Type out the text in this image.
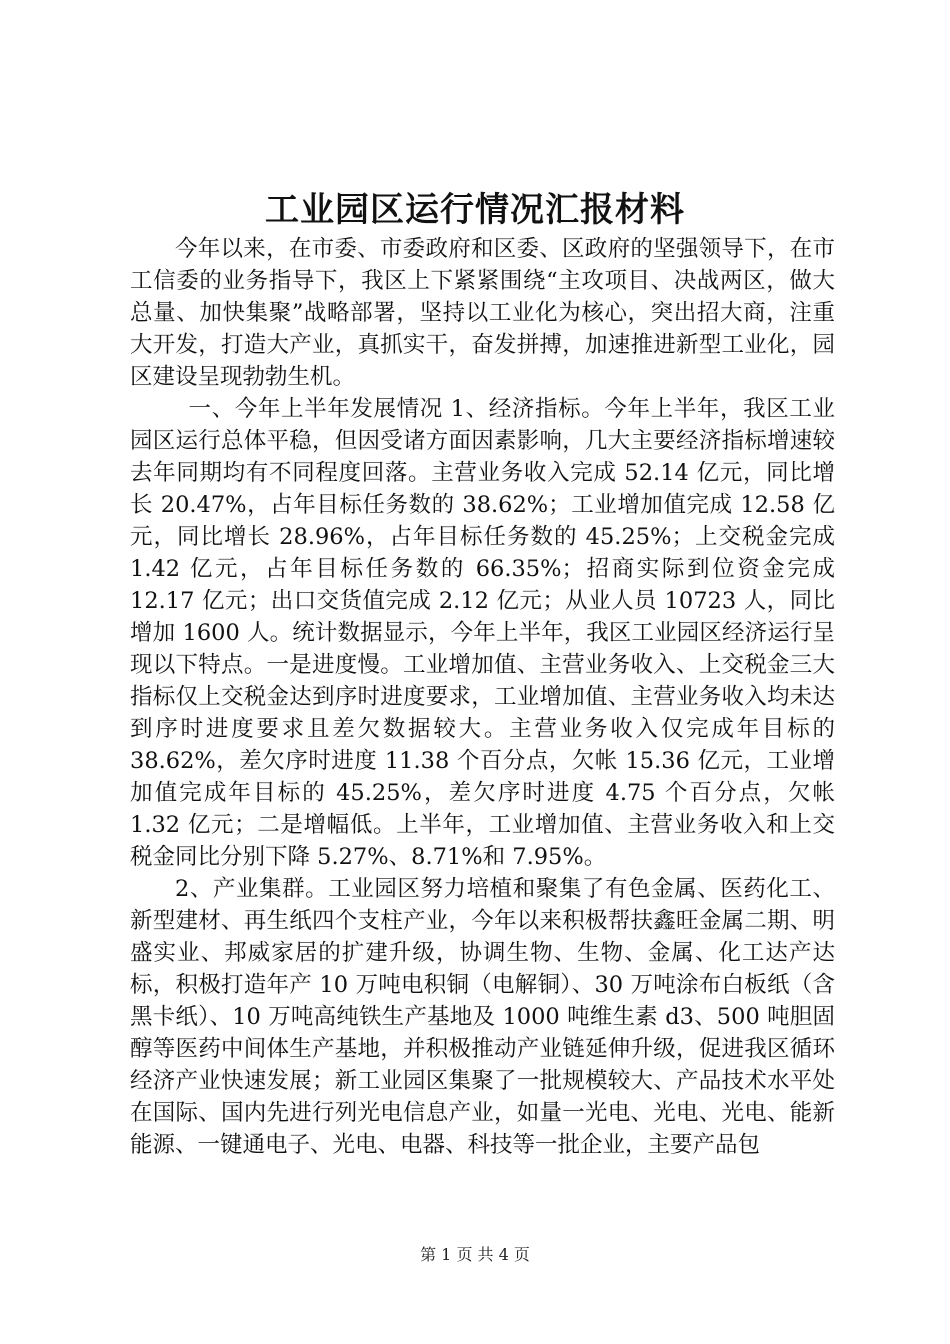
工业园区运行情况汇报材料

今年以来，在市委、市委政府和区委、区政府的坚强领导下，在市工信委的业务指导下，我区上下紧紧围绕“主攻项目、决战两区，做大总量、加快集聚”战略部署，坚持以工业化为核心，突出招大商，注重大开发，打造大产业，真抓实干，奋发拼搏，加速推进新型工业化，园区建设呈现勃勃生机。

一、今年上半年发展情况 1、经济指标。今年上半年，我区工业园区运行总体平稳，但因受诸方面因素影响，几大主要经济指标增速较去年同期均有不同程度回落。主营业务收入完成 52.14 亿元，同比增长 20.47%，占年目标任务数的 38.62%；工业增加值完成 12.58 亿元，同比增长 28.96%，占年目标任务数的 45.25%；上交税金完成 1.42 亿元，占年目标任务数的 66.35%；招商实际到位资金完成 12.17 亿元；出口交货值完成 2.12 亿元；从业人员 10723 人，同比增加 1600 人。统计数据显示，今年上半年，我区工业园区经济运行呈现以下特点。一是进度慢。工业增加值、主营业务收入、上交税金三大指标仅上交税金达到序时进度要求，工业增加值、主营业务收入均未达到序时进度要求且差欠数据较大。主营业务收入仅完成年目标的 38.62%，差欠序时进度 11.38 个百分点，欠帐 15.36 亿元，工业增加值完成年目标的 45.25%，差欠序时进度 4.75 个百分点，欠帐 1.32 亿元；二是增幅低。上半年，工业增加值、主营业务收入和上交税金同比分别下降 5.27%、8.71%和 7.95%。

2、产业集群。工业园区努力培植和聚集了有色金属、医药化工、新型建材、再生纸四个支柱产业，今年以来积极帮扶鑫旺金属二期、明盛实业、邦威家居的扩建升级，协调生物、生物、金属、化工达产达标，积极打造年产 10 万吨电积铜（电解铜）、30 万吨涂布白板纸（含黑卡纸）、10 万吨高纯铁生产基地及 1000 吨维生素 d3、500 吨胆固醇等医药中间体生产基地，并积极推动产业链延伸升级，促进我区循环经济产业快速发展；新工业园区集聚了一批规模较大、产品技术水平处在国际、国内先进行列光电信息产业，如量一光电、光电、光电、能新能源、一键通电子、光电、电器、科技等一批企业，主要产品包

第 1 页 共 4 页
